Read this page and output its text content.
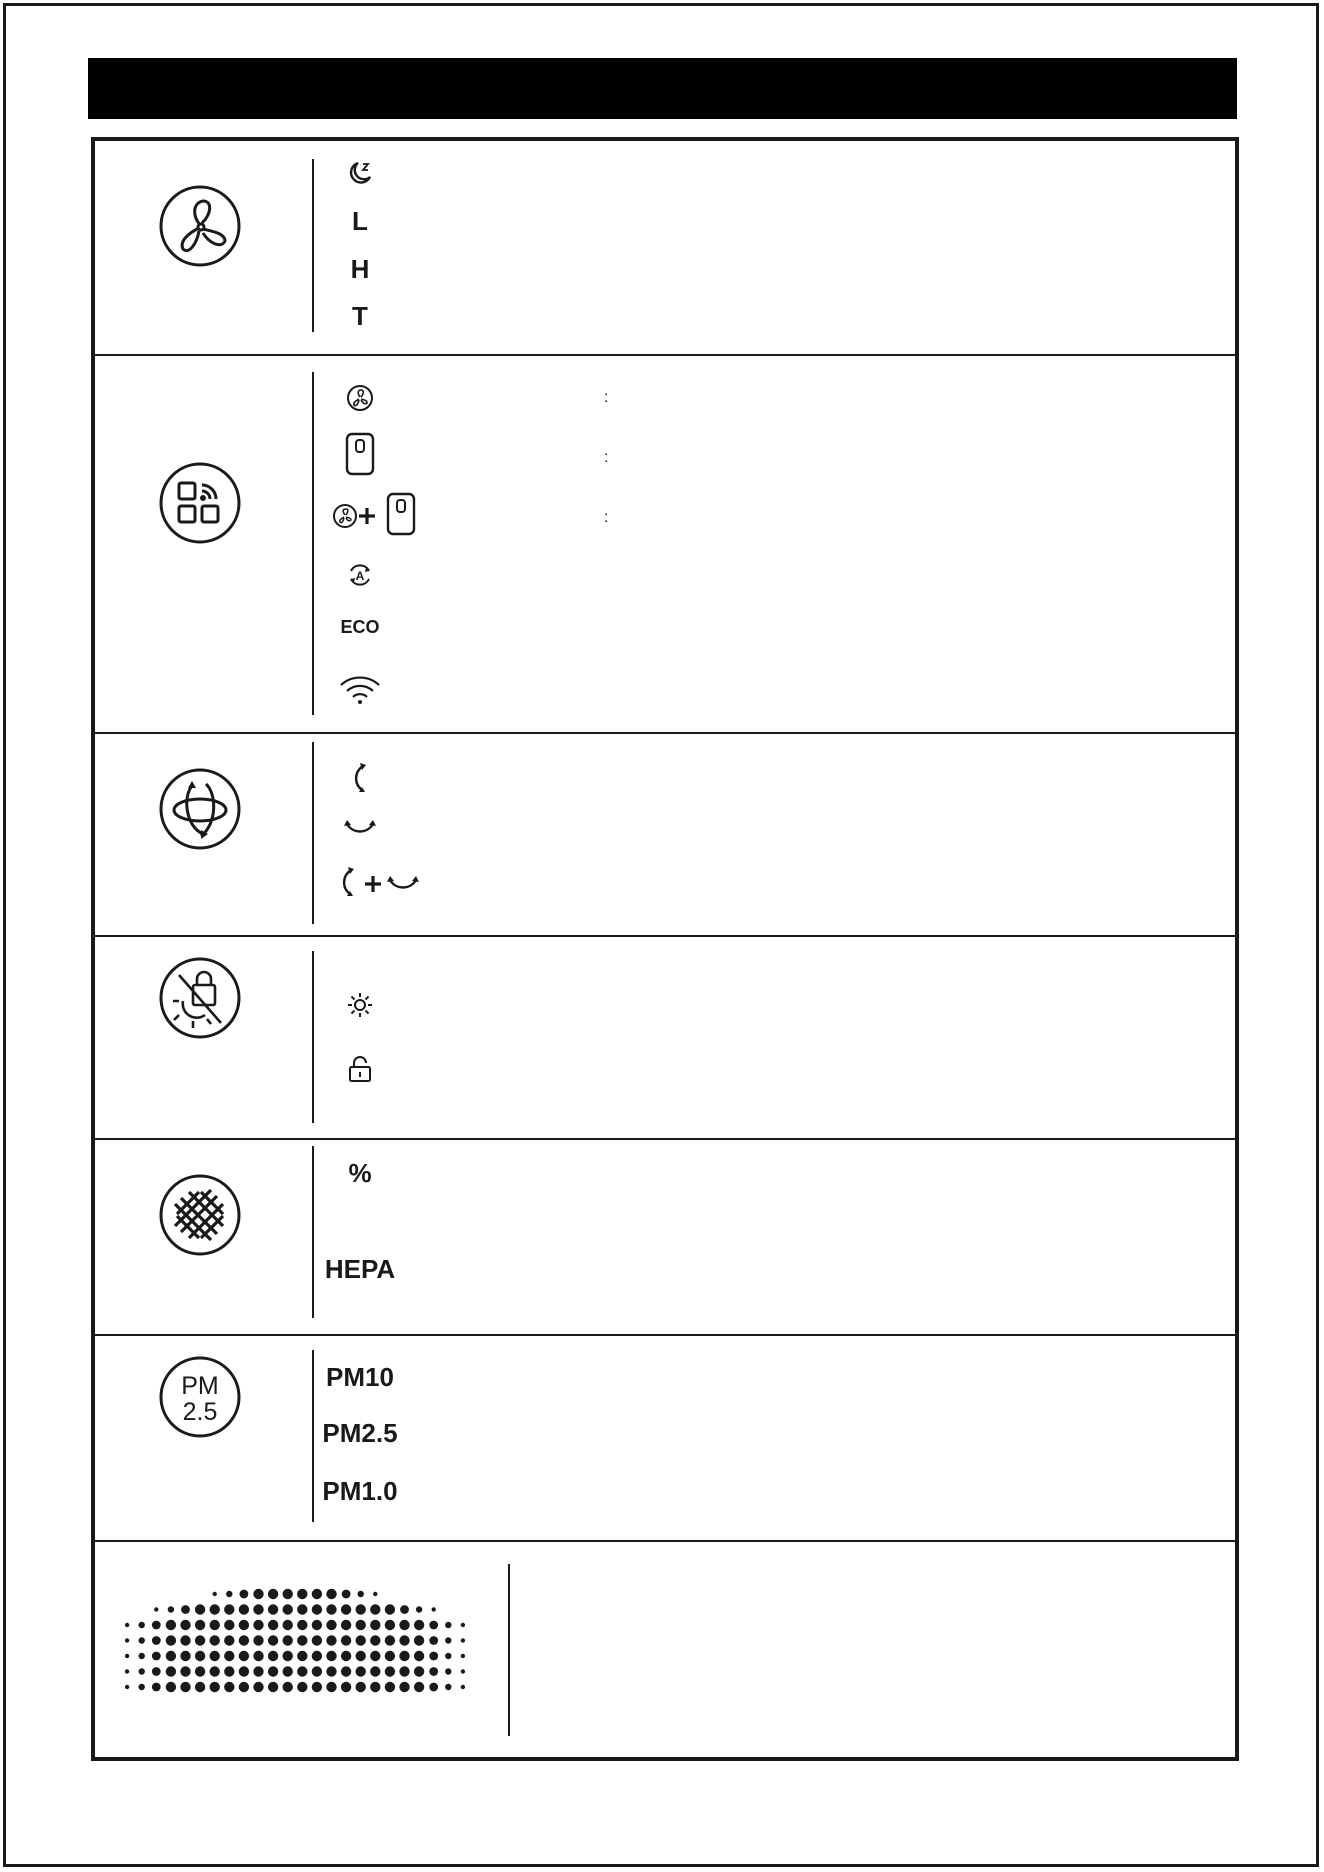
L
H
T
:
:
:
A
ECO
%
HEPA
PM
2.5
PM10
PM2.5
PM1.0
